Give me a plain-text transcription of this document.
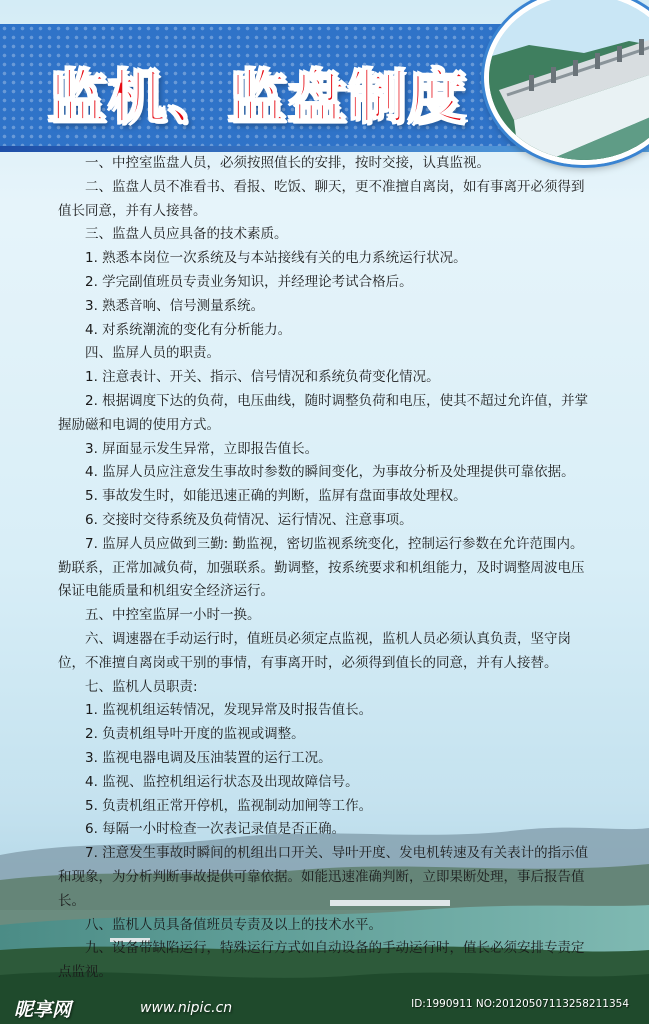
监机、监盘制度

一、中控室监盘人员，必须按照值长的安排，按时交接，认真监视。

二、监盘人员不准看书、看报、吃饭、聊天，更不准擅自离岗，如有事离开必须得到值长同意，并有人接替。

三、监盘人员应具备的技术素质。

1. 熟悉本岗位一次系统及与本站接线有关的电力系统运行状况。

2. 学完副值班员专责业务知识，并经理论考试合格后。

3. 熟悉音响、信号测量系统。

4. 对系统潮流的变化有分析能力。

四、监屏人员的职责。

1. 注意表计、开关、指示、信号情况和系统负荷变化情况。

2. 根据调度下达的负荷，电压曲线，随时调整负荷和电压，使其不超过允许值，并掌握励磁和电调的使用方式。

3. 屏面显示发生异常，立即报告值长。

4. 监屏人员应注意发生事故时参数的瞬间变化，为事故分析及处理提供可靠依据。

5. 事故发生时，如能迅速正确的判断，监屏有盘面事故处理权。

6. 交接时交待系统及负荷情况、运行情况、注意事项。

7. 监屏人员应做到三勤: 勤监视，密切监视系统变化，控制运行参数在允许范围内。勤联系，正常加减负荷，加强联系。勤调整，按系统要求和机组能力，及时调整周波电压保证电能质量和机组安全经济运行。

五、中控室监屏一小时一换。

六、调速器在手动运行时，值班员必须定点监视，监机人员必须认真负责，坚守岗位，不准擅自离岗或干别的事情，有事离开时，必须得到值长的同意，并有人接替。

七、监机人员职责:

1. 监视机组运转情况，发现异常及时报告值长。

2. 负责机组导叶开度的监视或调整。

3. 监视电器电调及压油装置的运行工况。

4. 监视、监控机组运行状态及出现故障信号。

5. 负责机组正常开停机，监视制动加闸等工作。

6. 每隔一小时检查一次表记录值是否正确。

7. 注意发生事故时瞬间的机组出口开关、导叶开度、发电机转速及有关表计的指示值和现象，为分析判断事故提供可靠依据。如能迅速准确判断，立即果断处理，事后报告值长。

八、监机人员具备值班员专责及以上的技术水平。

九、设备带缺陷运行，特殊运行方式如自动设备的手动运行时，值长必须安排专责定点监视。

昵享网	www.nipic.cn	ID:1990911 NO:20120507113258211354
